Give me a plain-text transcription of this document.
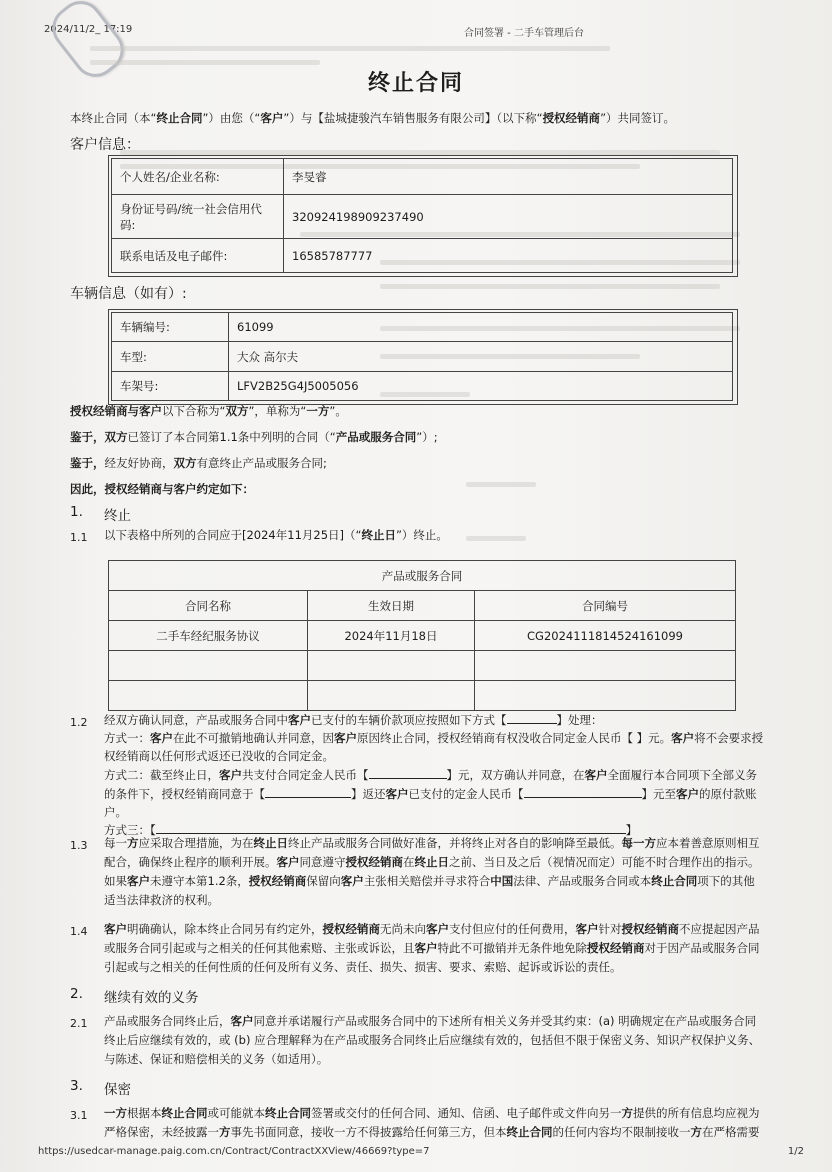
2024/11/2_ 17:19	合同签署 - 二手车管理后台
终止合同
本终止合同（本“终止合同”）由您（“客户”）与【盐城捷骏汽车销售服务有限公司】（以下称“授权经销商”）共同签订。
客户信息：
个人姓名/企业名称:	李旻睿
身份证号码/统一社会信用代码:	320924198909237490
联系电话及电子邮件:	16585787777
车辆信息（如有）:
车辆编号:	61099
车型:	大众 高尔夫
车架号:	LFV2B25G4J5005056
授权经销商与客户以下合称为“双方”，单称为“一方”。
鉴于，双方已签订了本合同第1.1条中列明的合同（“产品或服务合同”）;
鉴于，经友好协商，双方有意终止产品或服务合同;
因此，授权经销商与客户约定如下：
1. 终止
1.1 以下表格中所列的合同应于[2024年11月25日]（“终止日”）终止。
产品或服务合同		
合同名称	生效日期	合同编号
二手车经纪服务协议	2024年11月18日	CG2024111814524161099

1.2 经双方确认同意，产品或服务合同中客户已支付的车辆价款项应按照如下方式【	】处理：
方式一：客户在此不可撤销地确认并同意，因客户原因终止合同，授权经销商有权没收合同定金人民币【 】元。客户将不会要求授
权经销商以任何形式返还已没收的合同定金。
方式二：截至终止日，客户共支付合同定金人民币【	】元，双方确认并同意，在客户全面履行本合同项下全部义务
的条件下，授权经销商同意于【	】返还客户已支付的定金人民币【	】元至客户的原付款账
户。
方式三：【	】
1.3 每一方应采取合理措施，为在终止日终止产品或服务合同做好准备，并将终止对各自的影响降至最低。每一方应本着善意原则相互
配合，确保终止程序的顺利开展。客户同意遵守授权经销商在终止日之前、当日及之后（视情况而定）可能不时合理作出的指示。
如果客户未遵守本第1.2条，授权经销商保留向客户主张相关赔偿并寻求符合中国法律、产品或服务合同或本终止合同项下的其他
适当法律救济的权利。
1.4 客户明确确认，除本终止合同另有约定外，授权经销商无尚未向客户支付但应付的任何费用，客户针对授权经销商不应提起因产品
或服务合同引起或与之相关的任何其他索赔、主张或诉讼，且客户特此不可撤销并无条件地免除授权经销商对于因产品或服务合同
引起或与之相关的任何性质的任何及所有义务、责任、损失、损害、要求、索赔、起诉或诉讼的责任。
2. 继续有效的义务
2.1 产品或服务合同终止后，客户同意并承诺履行产品或服务合同中的下述所有相关义务并受其约束：(a) 明确规定在产品或服务合同
终止后应继续有效的，或 (b) 应合理解释为在产品或服务合同终止后应继续有效的，包括但不限于保密义务、知识产权保护义务、
与陈述、保证和赔偿相关的义务（如适用）。
3. 保密
3.1 一方根据本终止合同或可能就本终止合同签署或交付的任何合同、通知、信函、电子邮件或文件向另一方提供的所有信息均应视为
严格保密，未经披露一方事先书面同意，接收一方不得披露给任何第三方，但本终止合同的任何内容均不限制接收一方在严格需要
https://usedcar-manage.paig.com.cn/Contract/ContractXXView/46669?type=7	1/2
